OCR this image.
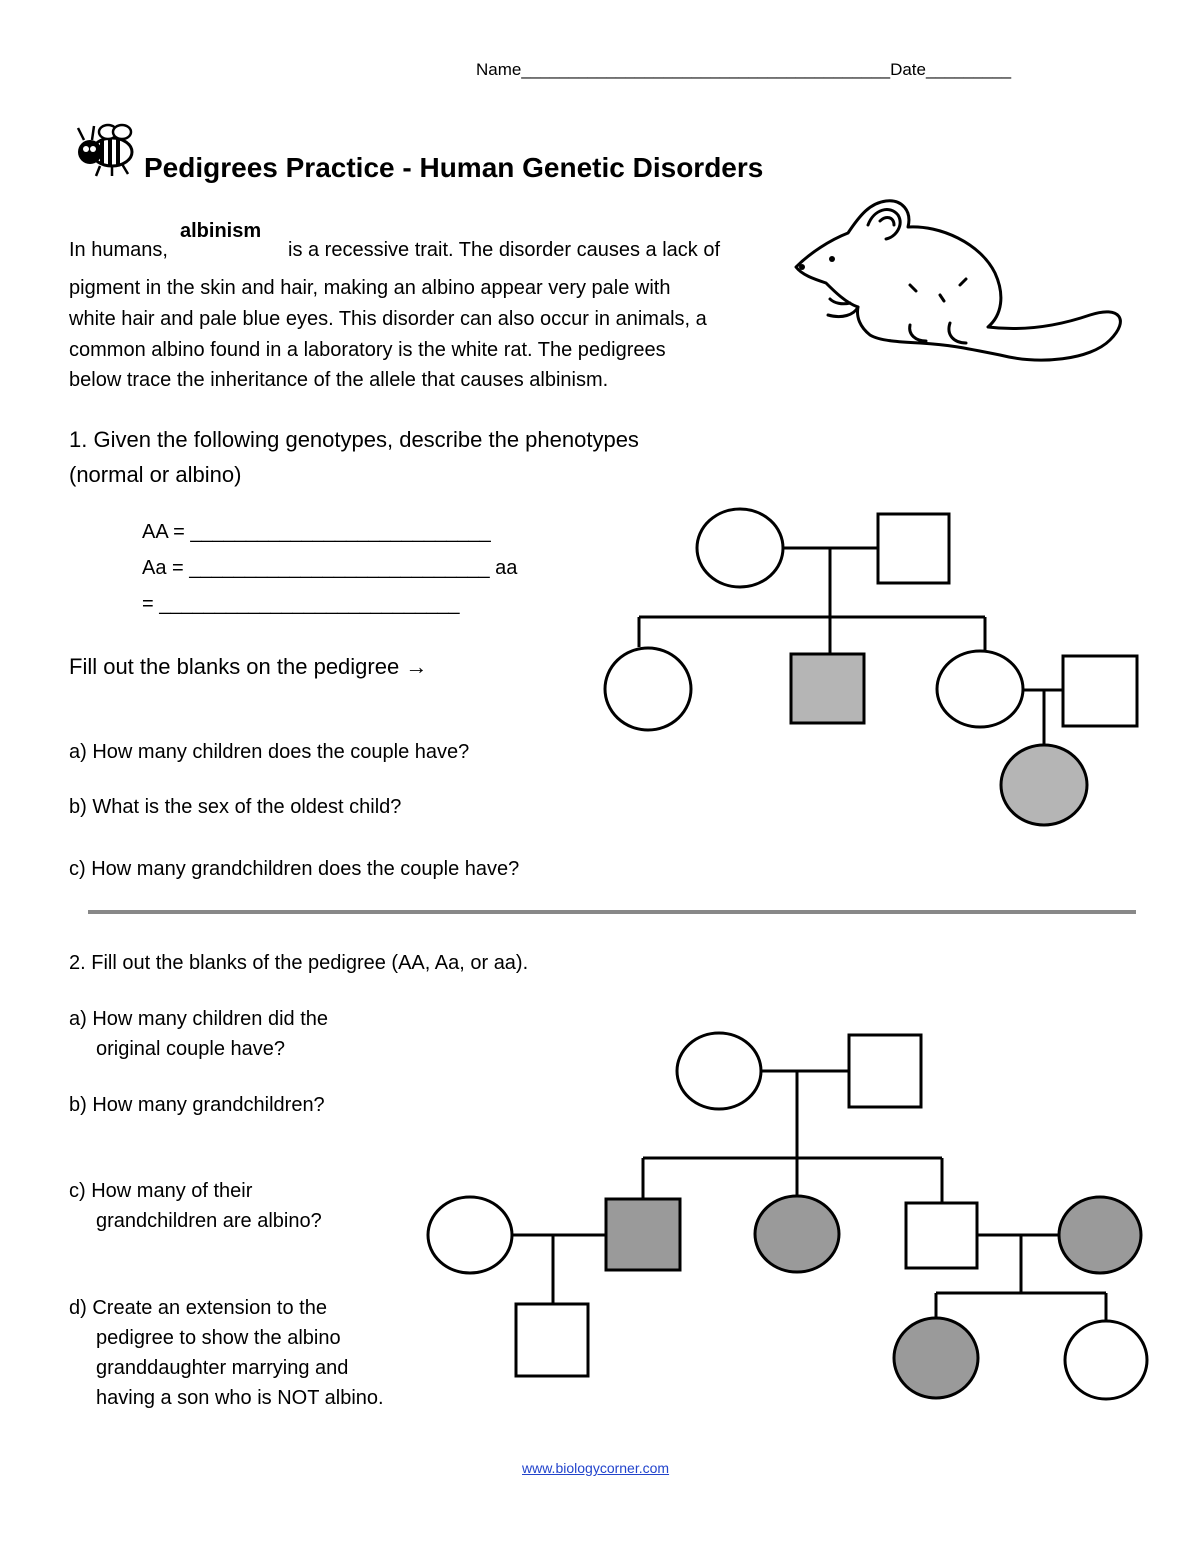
Name_______________________________________Date_________
Pedigrees Practice - Human Genetic Disorders
albinism
In humans,	is a recessive trait. The disorder causes a lack of
pigment in the skin and hair, making an albino appear very pale with
white hair and pale blue eyes. This disorder can also occur in animals, a
common albino found in a laboratory is the white rat. The pedigrees
below trace the inheritance of the allele that causes albinism.
1. Given the following genotypes, describe the phenotypes
(normal or albino)
AA = ___________________________
Aa = ___________________________ aa
= ___________________________
Fill out the blanks on the pedigree →
a) How many children does the couple have?
b) What is the sex of the oldest child?
c) How many grandchildren does the couple have?
2. Fill out the blanks of the pedigree (AA, Aa, or aa).
a) How many children did the
original couple have?
b) How many grandchildren?
c) How many of their
grandchildren are albino?
d) Create an extension to the
pedigree to show the albino
granddaughter marrying and
having a son who is NOT albino.
www.biologycorner.com
